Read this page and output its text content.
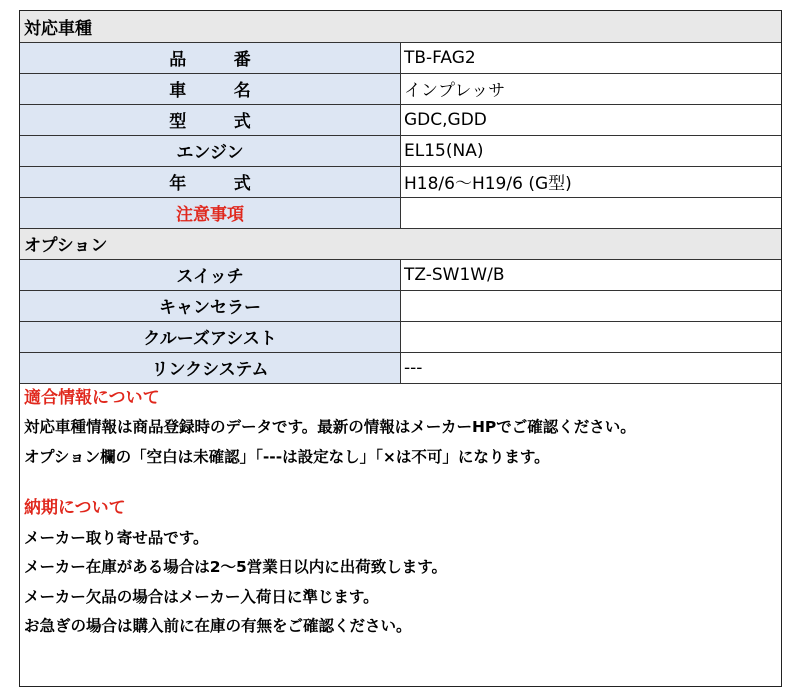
対応車種	
品　番	TB-FAG2
車　名	インプレッサ
型　式	GDC,GDD
エンジン	EL15(NA)
年　式	H18/6～H19/6 (G型)
注意事項	
オプション	
スイッチ	TZ-SW1W/B
キャンセラー	
クルーズアシスト	
リンクシステム	---
適合情報について
対応車種情報は商品登録時のデータです。最新の情報はメーカーHPでご確認ください。
オプション欄の「空白は未確認」「---は設定なし」「×は不可」になります。
納期について
メーカー取り寄せ品です。
メーカー在庫がある場合は2～5営業日以内に出荷致します。
メーカー欠品の場合はメーカー入荷日に準じます。
お急ぎの場合は購入前に在庫の有無をご確認ください。
